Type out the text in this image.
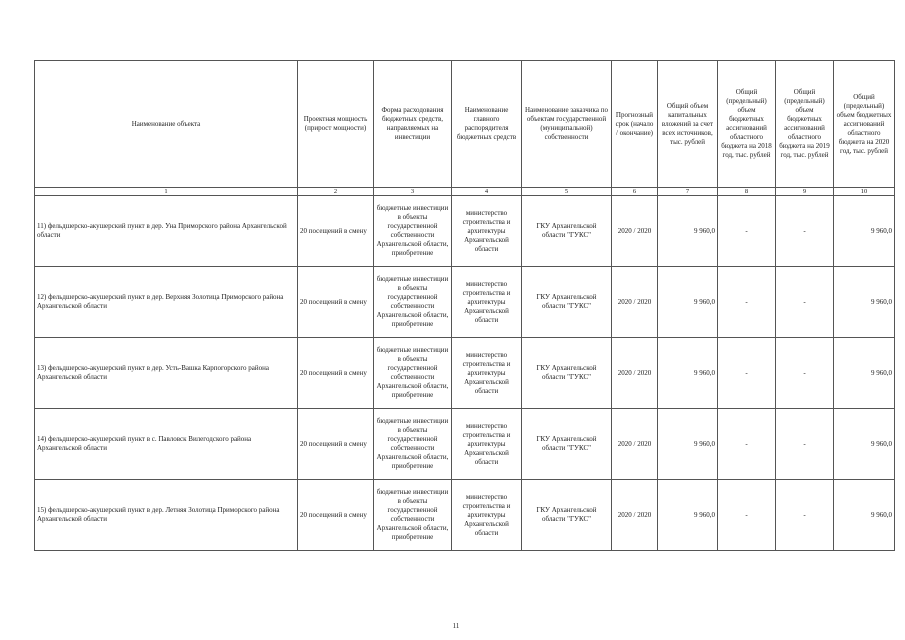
Наименование объекта	Проектная мощность (прирост мощности)	Форма расходования бюджетных средств, направляемых на инвестиции	Наименование главного распорядителя бюджетных средств	Наименование заказчика по объектам государственной (муниципальной) собственности	Прогнозный срок (начало / окончание)	Общий объем капитальных вложений за счет всех источников, тыс. рублей	Общий (предельный) объем бюджетных ассигнований областного бюджета на 2018 год, тыс. рублей	Общий (предельный) объем бюджетных ассигнований областного бюджета на 2019 год, тыс. рублей	Общий (предельный) объем бюджетных ассигнований областного бюджета на 2020 год, тыс. рублей
1	2	3	4	5	6	7	8	9	10
11) фельдшерско-акушерский пункт в дер. Уна Приморского района Архангельской области	20 посещений в смену	бюджетные инвестиции в объекты государственной собственности Архангельской области, приобретение	министерство строительства и архитектуры Архангельской области	ГКУ Архангельской области "ГУКС"	2020 / 2020	9 960,0	-	-	9 960,0
12) фельдшерско-акушерский пункт в дер. Верхняя Золотица Приморского района Архангельской области	20 посещений в смену	бюджетные инвестиции в объекты государственной собственности Архангельской области, приобретение	министерство строительства и архитектуры Архангельской области	ГКУ Архангельской области "ГУКС"	2020 / 2020	9 960,0	-	-	9 960,0
13) фельдшерско-акушерский пункт в дер. Усть-Вашка Карпогорского района Архангельской области	20 посещений в смену	бюджетные инвестиции в объекты государственной собственности Архангельской области, приобретение	министерство строительства и архитектуры Архангельской области	ГКУ Архангельской области "ГУКС"	2020 / 2020	9 960,0	-	-	9 960,0
14) фельдшерско-акушерский пункт в с. Павловск Вилегодского района Архангельской области	20 посещений в смену	бюджетные инвестиции в объекты государственной собственности Архангельской области, приобретение	министерство строительства и архитектуры Архангельской области	ГКУ Архангельской области "ГУКС"	2020 / 2020	9 960,0	-	-	9 960,0
15) фельдшерско-акушерский пункт в дер. Летняя Золотица Приморского района Архангельской области	20 посещений в смену	бюджетные инвестиции в объекты государственной собственности Архангельской области, приобретение	министерство строительства и архитектуры Архангельской области	ГКУ Архангельской области "ГУКС"	2020 / 2020	9 960,0	-	-	9 960,0
11
